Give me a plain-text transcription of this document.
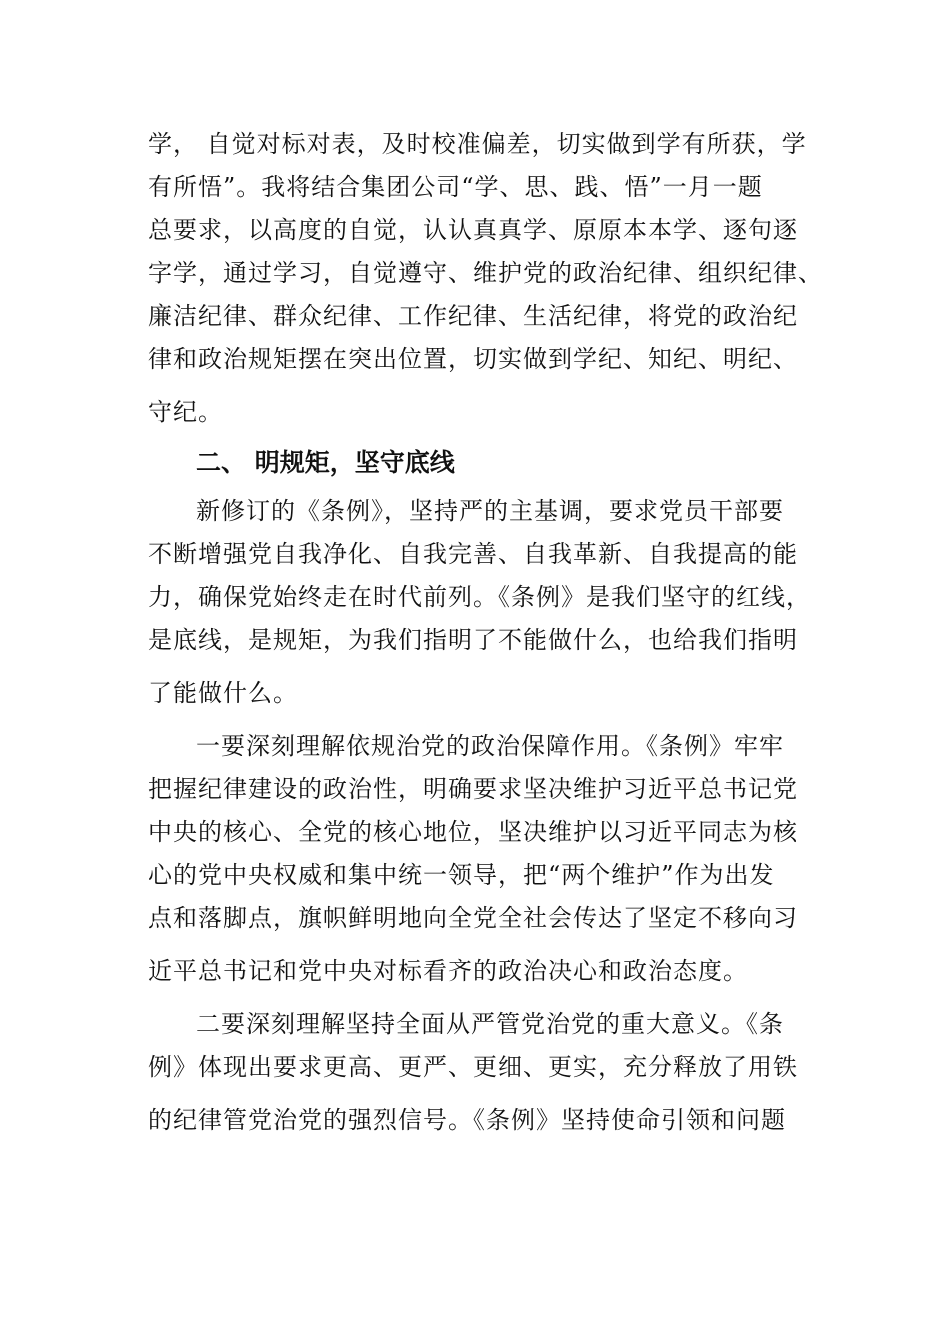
学， 自觉对标对表，及时校准偏差，切实做到学有所获，学
有所悟”。我将结合集团公司“学、思、践、悟”一月一题
总要求，以高度的自觉，认认真真学、原原本本学、逐句逐
字学，通过学习，自觉遵守、维护党的政治纪律、组织纪律、
廉洁纪律、群众纪律、工作纪律、生活纪律，将党的政治纪
律和政治规矩摆在突出位置，切实做到学纪、知纪、明纪、
守纪。
二、 明规矩，坚守底线
新修订的《条例》，坚持严的主基调，要求党员干部要
不断增强党自我净化、自我完善、自我革新、自我提高的能
力，确保党始终走在时代前列。《条例》是我们坚守的红线，
是底线，是规矩，为我们指明了不能做什么，也给我们指明
了能做什么。
一要深刻理解依规治党的政治保障作用。《条例》牢牢
把握纪律建设的政治性，明确要求坚决维护习近平总书记党
中央的核心、全党的核心地位，坚决维护以习近平同志为核
心的党中央权威和集中统一领导，把“两个维护”作为出发
点和落脚点，旗帜鲜明地向全党全社会传达了坚定不移向习
近平总书记和党中央对标看齐的政治决心和政治态度。
二要深刻理解坚持全面从严管党治党的重大意义。《条
例》体现出要求更高、更严、更细、更实，充分释放了用铁
的纪律管党治党的强烈信号。《条例》坚持使命引领和问题
